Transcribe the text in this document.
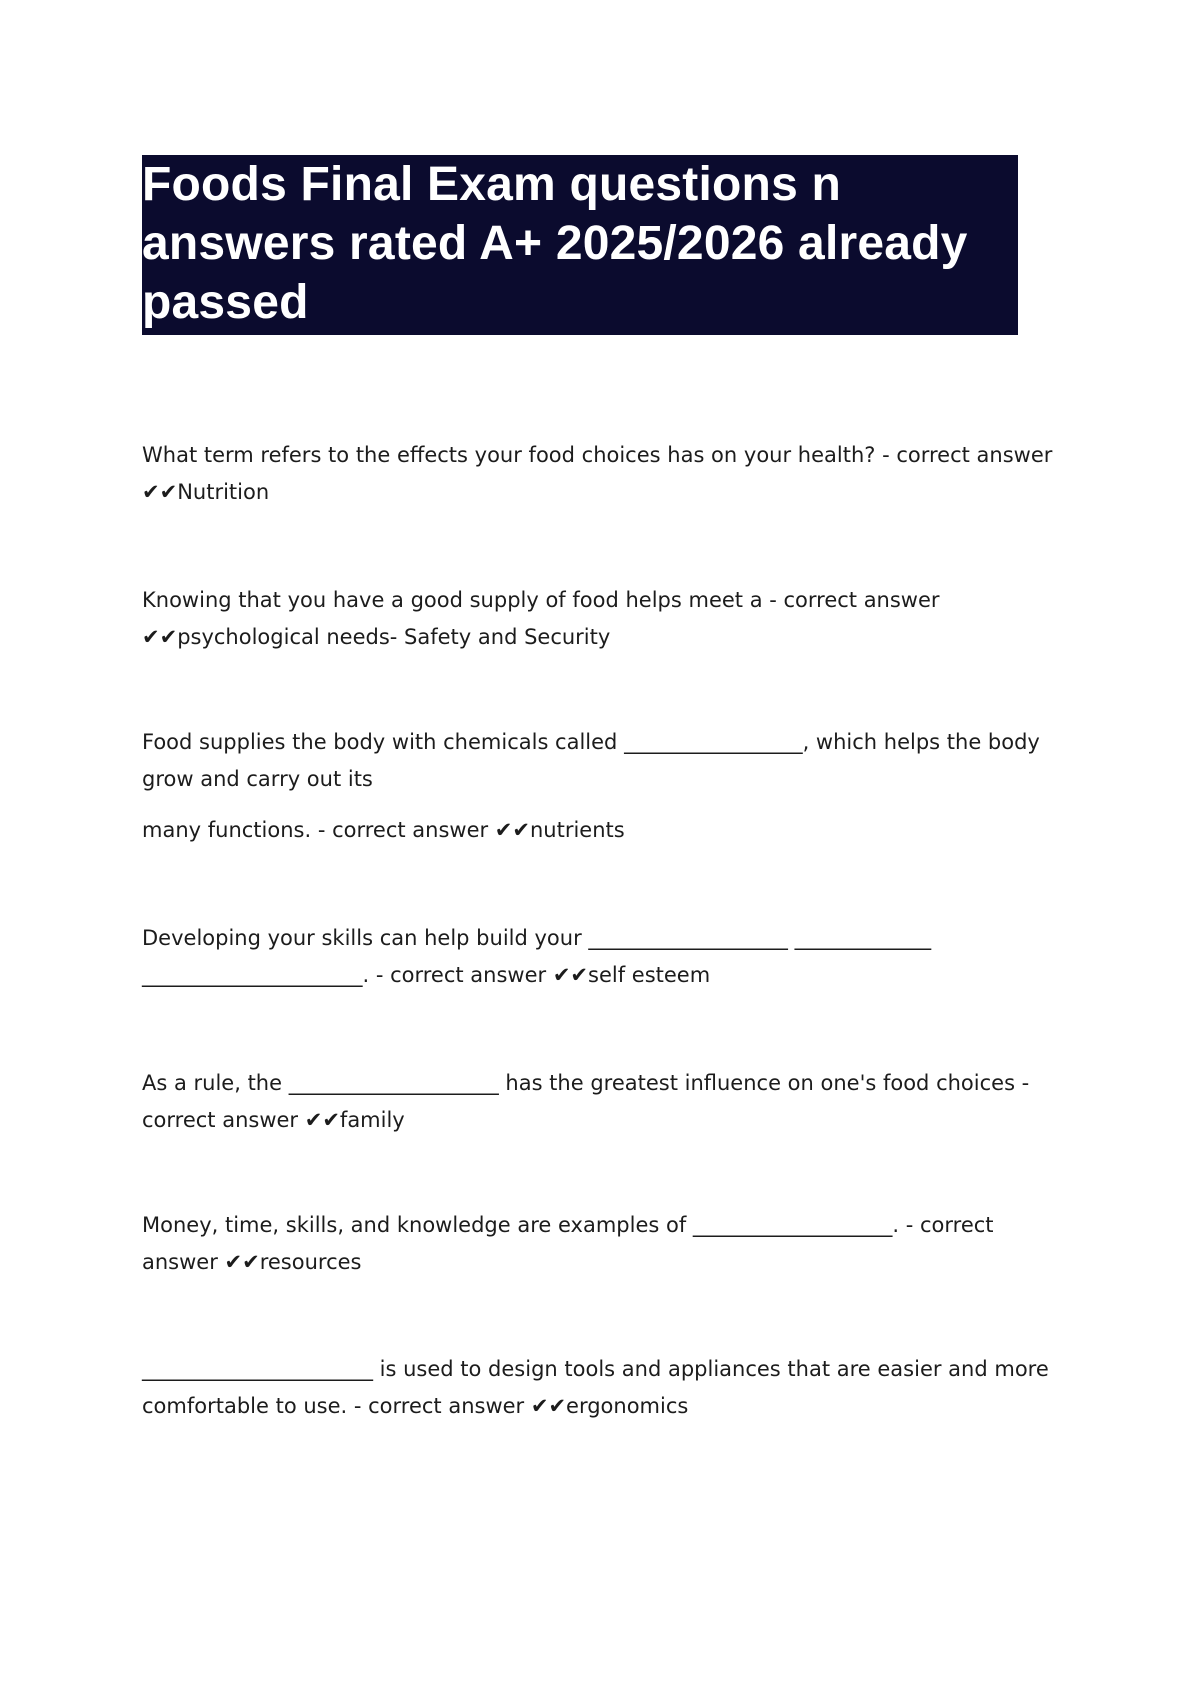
Foods Final Exam questions n answers rated A+ 2025/2026 already passed

What term refers to the effects your food choices has on your health? - correct answer ✔✔Nutrition

Knowing that you have a good supply of food helps meet a - correct answer ✔✔psychological needs- Safety and Security

Food supplies the body with chemicals called _________________, which helps the body grow and carry out its

many functions. - correct answer ✔✔nutrients

Developing your skills can help build your ___________________ _____________ _____________________. - correct answer ✔✔self esteem

As a rule, the ____________________ has the greatest influence on one's food choices - correct answer ✔✔family

Money, time, skills, and knowledge are examples of ___________________. - correct answer ✔✔resources

______________________ is used to design tools and appliances that are easier and more comfortable to use. - correct answer ✔✔ergonomics
